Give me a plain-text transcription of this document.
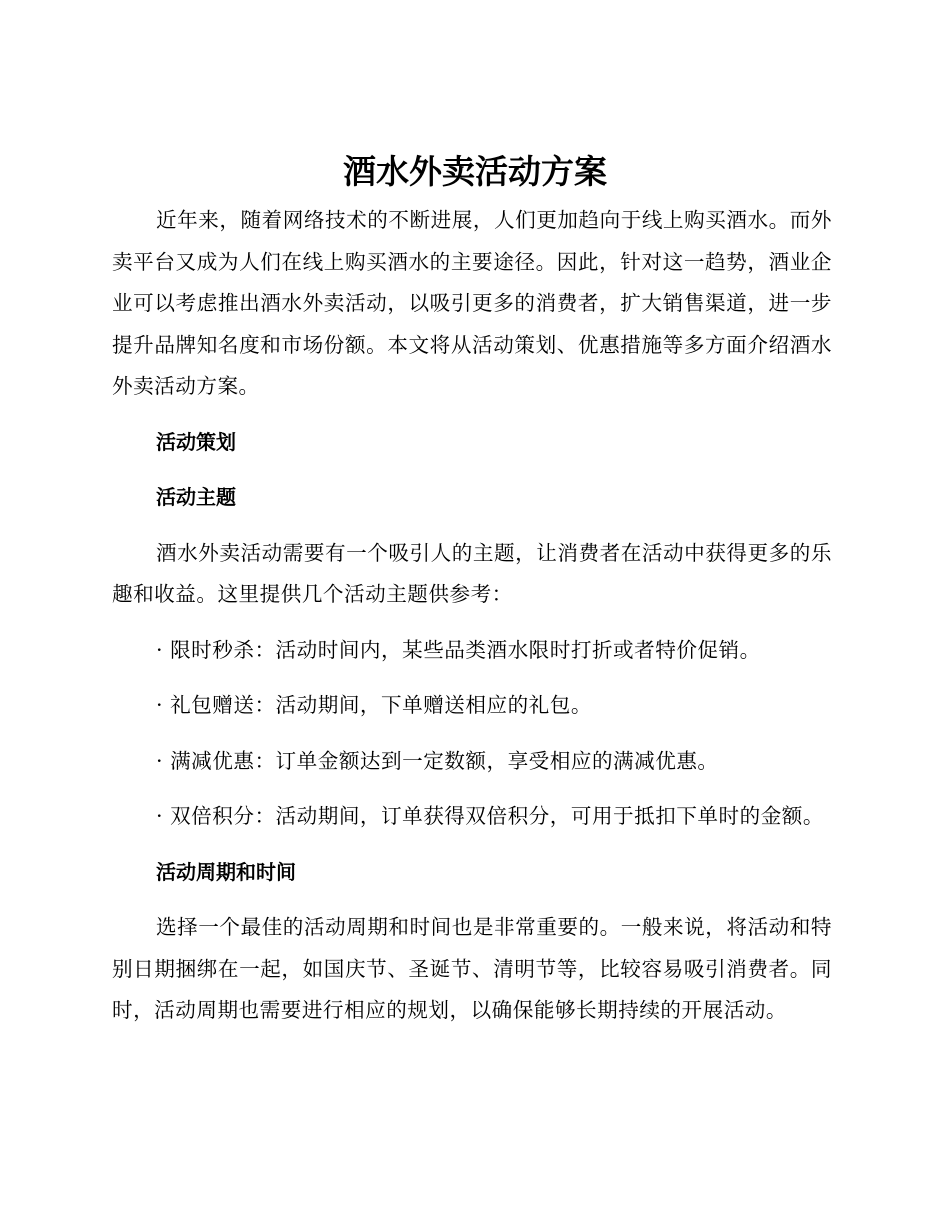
酒水外卖活动方案

近年来，随着网络技术的不断进展，人们更加趋向于线上购买酒水。而外卖平台又成为人们在线上购买酒水的主要途径。因此，针对这一趋势，酒业企业可以考虑推出酒水外卖活动，以吸引更多的消费者，扩大销售渠道，进一步提升品牌知名度和市场份额。本文将从活动策划、优惠措施等多方面介绍酒水外卖活动方案。

活动策划

活动主题

酒水外卖活动需要有一个吸引人的主题，让消费者在活动中获得更多的乐趣和收益。这里提供几个活动主题供参考：

· 限时秒杀：活动时间内，某些品类酒水限时打折或者特价促销。

· 礼包赠送：活动期间，下单赠送相应的礼包。

· 满减优惠：订单金额达到一定数额，享受相应的满减优惠。

· 双倍积分：活动期间，订单获得双倍积分，可用于抵扣下单时的金额。

活动周期和时间

选择一个最佳的活动周期和时间也是非常重要的。一般来说，将活动和特别日期捆绑在一起，如国庆节、圣诞节、清明节等，比较容易吸引消费者。同时，活动周期也需要进行相应的规划，以确保能够长期持续的开展活动。
